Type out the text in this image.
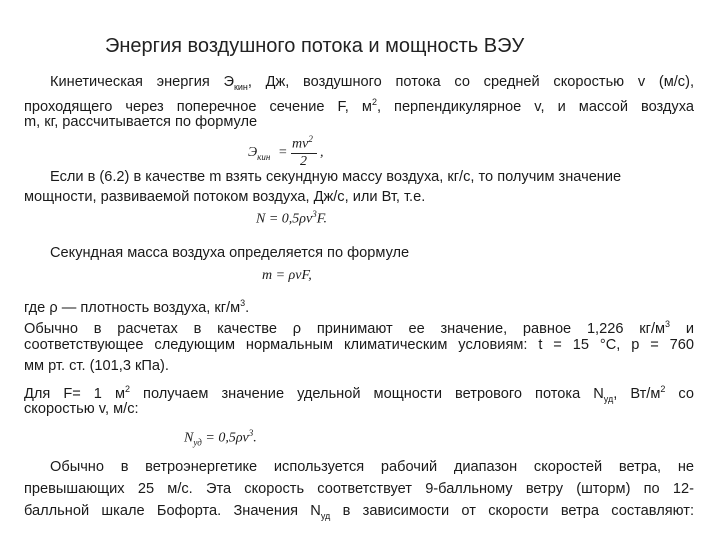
Энергия воздушного потока и мощность ВЭУ
Кинетическая энергия $Э_{кин}$, Дж, воздушного потока со средней скоростью v (м/с),
проходящего через поперечное сечение F, $м^2$, перпендикулярное v, и массой воздуха
m, кг, рассчитывается по формуле
$Э_{кин}$ =
$mv^2$
2
,
Если в (6.2) в качестве m взять секундную массу воздуха, кг/с, то получим значение
мощности, развиваемой потоком воздуха, Дж/с, или Вт, т.е.
$N = 0,5\rho v^3F$.
Секундная масса воздуха определяется по формуле
m = ρvF,
где ρ — плотность воздуха, $кг/м^3$.
Обычно в расчетах в качестве ρ принимают ее значение, равное 1,226 $кг/м^3$ и
соответствующее следующим нормальным климатическим условиям: t = 15 °С, p = 760
мм рт. ст. (101,3 кПа).
Для F= 1 $м^2$ получаем значение удельной мощности ветрового потока $N_{уд}$, $Вт/м^2$ со
скоростью v, м/с:
$N_{уд} = 0,5\rho v^3$.
Обычно в ветроэнергетике используется рабочий диапазон скоростей ветра, не
превышающих 25 м/с. Эта скорость соответствует 9-балльному ветру (шторм) по 12-
балльной шкале Бофорта. Значения $N_{уд}$ в зависимости от скорости ветра составляют:
